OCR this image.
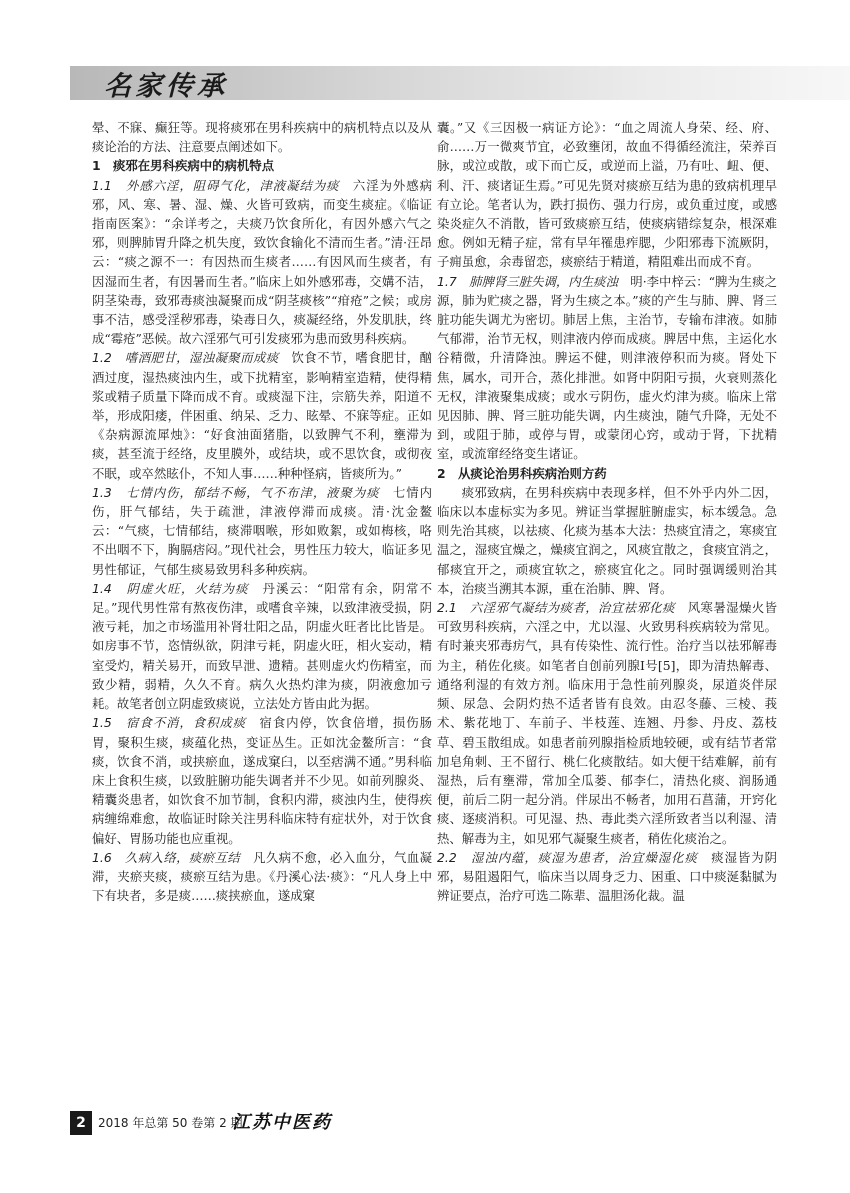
名家传承

晕、不寐、癫狂等。现将痰邪在男科疾病中的病机特点以及从痰论治的方法、注意要点阐述如下。

1　痰邪在男科疾病中的病机特点

1.1　外感六淫，阻碍气化，津液凝结为痰　六淫为外感病邪，风、寒、暑、湿、燥、火皆可致病，而变生痰症。《临证指南医案》：“余详考之，夫痰乃饮食所化，有因外感六气之邪，则脾肺胃升降之机失度，致饮食输化不清而生者。”清·汪昂云：“痰之源不一：有因热而生痰者……有因风而生痰者，有因湿而生者，有因暑而生者。”临床上如外感邪毒，交媾不洁，阴茎染毒，致邪毒痰浊凝聚而成“阴茎痰核”“疳疮”之候；或房事不洁，感受淫秽邪毒，染毒日久，痰凝经络，外发肌肤，终成“霉疮”恶候。故六淫邪气可引发痰邪为患而致男科疾病。

1.2　嗜酒肥甘，湿浊凝聚而成痰　饮食不节，嗜食肥甘，酗酒过度，湿热痰浊内生，或下扰精室，影响精室造精，使得精浆或精子质量下降而成不育。或痰湿下注，宗筋失养，阳道不举，形成阳痿，伴困重、纳呆、乏力、眩晕、不寐等症。正如《杂病源流犀烛》：“好食油面猪脂，以致脾气不利，壅滞为痰，甚至流于经络，皮里膜外，或结块，或不思饮食，或彻夜不眠，或卒然眩仆，不知人事……种种怪病，皆痰所为。”

1.3　七情内伤，郁结不畅，气不布津，液聚为痰　七情内伤，肝气郁结，失于疏泄，津液停滞而成痰。清·沈金鳌云：“气痰，七情郁结，痰滞咽喉，形如败絮，或如梅核，咯不出咽不下，胸膈痞闷。”现代社会，男性压力较大，临证多见男性郁证，气郁生痰易致男科多种疾病。

1.4　阴虚火旺，火结为痰　丹溪云：“阳常有余，阴常不足。”现代男性常有熬夜伤津，或嗜食辛辣，以致津液受损，阴液亏耗，加之市场滥用补肾壮阳之品，阴虚火旺者比比皆是。如房事不节，恣情纵欲，阴津亏耗，阴虚火旺，相火妄动，精室受灼，精关易开，而致早泄、遗精。甚则虚火灼伤精室，而致少精，弱精，久久不育。病久火热灼津为痰，阴液愈加亏耗。故笔者创立阴虚致痰说，立法处方皆由此为据。

1.5　宿食不消，食积成痰　宿食内停，饮食倍增，损伤肠胃，聚积生痰，痰蕴化热，变证丛生。正如沈金鳌所言：“食痰，饮食不消，或挟瘀血，遂成窠臼，以至痞满不通。”男科临床上食积生痰，以致脏腑功能失调者并不少见。如前列腺炎、精囊炎患者，如饮食不加节制，食积内滞，痰浊内生，使得疾病缠绵难愈，故临证时除关注男科临床特有症状外，对于饮食偏好、胃肠功能也应重视。

1.6　久病入络，痰瘀互结　凡久病不愈，必入血分，气血凝滞，夹瘀夹痰，痰瘀互结为患。《丹溪心法·痰》：“凡人身上中下有块者，多是痰……痰挟瘀血，遂成窠

囊。”又《三因极一病证方论》：“血之周流人身荣、经、府、俞……万一微爽节宜，必致壅闭，故血不得循经流注，荣养百脉，或泣或散，或下而亡反，或逆而上溢，乃有吐、衄、便、利、汗、痰诸证生焉。”可见先贤对痰瘀互结为患的致病机理早有立论。笔者认为，跌打损伤、强力行房，或负重过度，或感染炎症久不消散，皆可致痰瘀互结，使痰病错综复杂，根深难愈。例如无精子症，常有早年罹患痄腮，少阳邪毒下流厥阴，子痈虽愈，余毒留恋，痰瘀结于精道，精阻难出而成不育。

1.7　肺脾肾三脏失调，内生痰浊　明·李中梓云：“脾为生痰之源，肺为贮痰之器，肾为生痰之本。”痰的产生与肺、脾、肾三脏功能失调尤为密切。肺居上焦，主治节，专输布津液。如肺气郁滞，治节无权，则津液内停而成痰。脾居中焦，主运化水谷精微，升清降浊。脾运不健，则津液停积而为痰。肾处下焦，属水，司开合，蒸化排泄。如肾中阴阳亏损，火衰则蒸化无权，津液聚集成痰；或水亏阴伤，虚火灼津为痰。临床上常见因肺、脾、肾三脏功能失调，内生痰浊，随气升降，无处不到，或阻于肺，或停与胃，或蒙闭心窍，或动于肾，下扰精室，或流窜经络变生诸证。

2　从痰论治男科疾病治则方药

痰邪致病，在男科疾病中表现多样，但不外乎内外二因，临床以本虚标实为多见。辨证当掌握脏腑虚实，标本缓急。急则先治其痰，以祛痰、化痰为基本大法：热痰宜清之，寒痰宜温之，湿痰宜燥之，燥痰宜润之，风痰宜散之，食痰宜消之，郁痰宜开之，顽痰宜软之，瘀痰宜化之。同时强调缓则治其本，治痰当溯其本源，重在治肺、脾、肾。

2.1　六淫邪气凝结为痰者，治宜祛邪化痰　风寒暑湿燥火皆可致男科疾病，六淫之中，尤以湿、火致男科疾病较为常见。有时兼夹邪毒疠气，具有传染性、流行性。治疗当以祛邪解毒为主，稍佐化痰。如笔者自创前列腺Ⅰ号[5]，即为清热解毒、通络利湿的有效方剂。临床用于急性前列腺炎，尿道炎伴尿频、尿急、会阴灼热不适者皆有良效。由忍冬藤、三棱、莪术、紫花地丁、车前子、半枝莲、连翘、丹参、丹皮、荔枝草、碧玉散组成。如患者前列腺指检质地较硬，或有结节者常加皂角刺、王不留行、桃仁化痰散结。如大便干结难解，前有湿热，后有壅滞，常加全瓜蒌、郁李仁，清热化痰、润肠通便，前后二阴一起分消。伴尿出不畅者，加用石菖蒲，开窍化痰、逐痰消积。可见湿、热、毒此类六淫所致者当以利湿、清热、解毒为主，如见邪气凝聚生痰者，稍佐化痰治之。

2.2　湿浊内蕴，痰湿为患者，治宜燥湿化痰　痰湿皆为阴邪，易阻遏阳气，临床当以周身乏力、困重、口中痰涎黏腻为辨证要点，治疗可选二陈辈、温胆汤化裁。温

2	2018 年总第 50 卷第 2 期
江苏中医药
